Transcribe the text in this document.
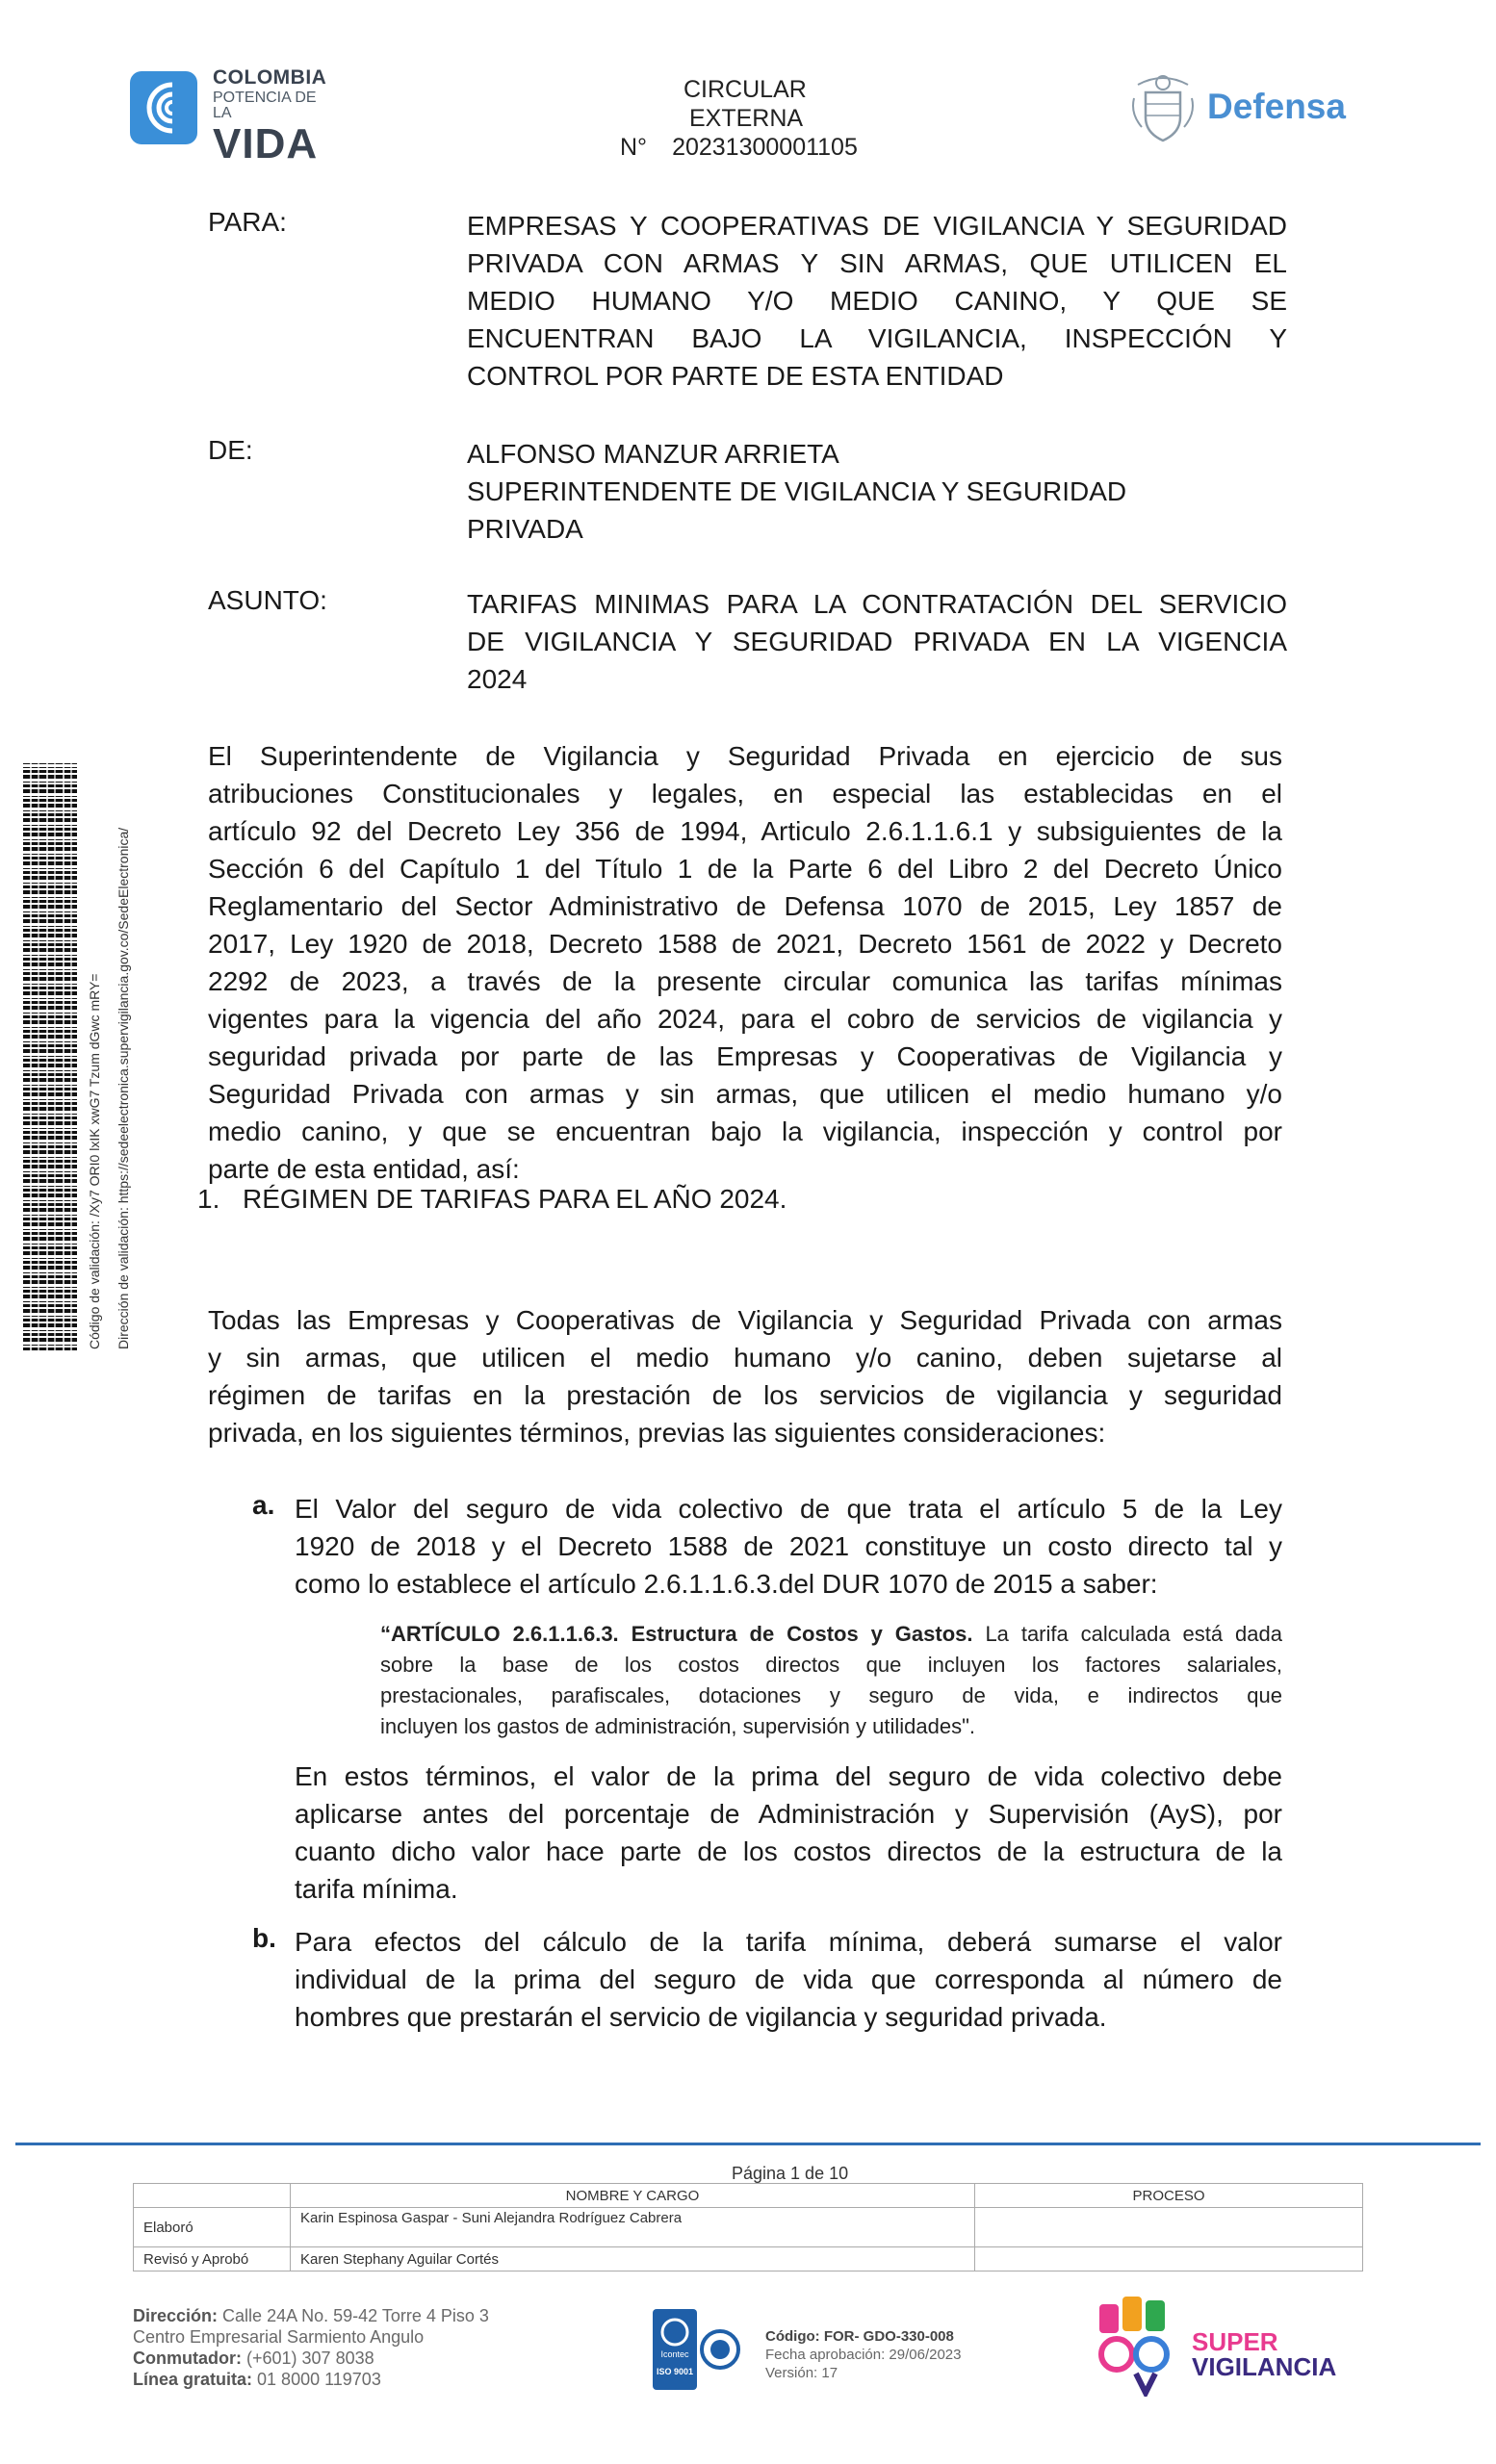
COLOMBIA
POTENCIA DE LA
VIDA
CIRCULAR
EXTERNA
N° 20231300001105
Defensa
Código de validación: /Xy7 ORI0 lxIK xwG7 Tzum dGwc mRY= Dirección de validación: https://sedeelectronica.supervigilancia.gov.co/SedeElectronica/
PARA:	EMPRESAS Y COOPERATIVAS DE VIGILANCIA Y SEGURIDAD
PRIVADA CON ARMAS Y SIN ARMAS, QUE UTILICEN EL
MEDIO HUMANO Y/O MEDIO CANINO, Y QUE SE
ENCUENTRAN BAJO LA VIGILANCIA, INSPECCIÓN Y
CONTROL POR PARTE DE ESTA ENTIDAD
DE:	ALFONSO MANZUR ARRIETA
SUPERINTENDENTE DE VIGILANCIA Y SEGURIDAD
PRIVADA
ASUNTO:	TARIFAS MINIMAS PARA LA CONTRATACIÓN DEL SERVICIO
DE VIGILANCIA Y SEGURIDAD PRIVADA EN LA VIGENCIA
2024
El Superintendente de Vigilancia y Seguridad Privada en ejercicio de sus
atribuciones Constitucionales y legales, en especial las establecidas en el
artículo 92 del Decreto Ley 356 de 1994, Articulo 2.6.1.1.6.1 y subsiguientes de la
Sección 6 del Capítulo 1 del Título 1 de la Parte 6 del Libro 2 del Decreto Único
Reglamentario del Sector Administrativo de Defensa 1070 de 2015, Ley 1857 de
2017, Ley 1920 de 2018, Decreto 1588 de 2021, Decreto 1561 de 2022 y Decreto
2292 de 2023, a través de la presente circular comunica las tarifas mínimas
vigentes para la vigencia del año 2024, para el cobro de servicios de vigilancia y
seguridad privada por parte de las Empresas y Cooperativas de Vigilancia y
Seguridad Privada con armas y sin armas, que utilicen el medio humano y/o
medio canino, y que se encuentran bajo la vigilancia, inspección y control por
parte de esta entidad, así:
1. RÉGIMEN DE TARIFAS PARA EL AÑO 2024.
Todas las Empresas y Cooperativas de Vigilancia y Seguridad Privada con armas
y sin armas, que utilicen el medio humano y/o canino, deben sujetarse al
régimen de tarifas en la prestación de los servicios de vigilancia y seguridad
privada, en los siguientes términos, previas las siguientes consideraciones:
a. El Valor del seguro de vida colectivo de que trata el artículo 5 de la Ley
1920 de 2018 y el Decreto 1588 de 2021 constituye un costo directo tal y
como lo establece el artículo 2.6.1.1.6.3.del DUR 1070 de 2015 a saber:
“ARTÍCULO 2.6.1.1.6.3. Estructura de Costos y Gastos. La tarifa calculada está dada
sobre la base de los costos directos que incluyen los factores salariales,
prestacionales, parafiscales, dotaciones y seguro de vida, e indirectos que
incluyen los gastos de administración, supervisión y utilidades".
En estos términos, el valor de la prima del seguro de vida colectivo debe
aplicarse antes del porcentaje de Administración y Supervisión (AyS), por
cuanto dicho valor hace parte de los costos directos de la estructura de la
tarifa mínima.
b. Para efectos del cálculo de la tarifa mínima, deberá sumarse el valor
individual de la prima del seguro de vida que corresponda al número de
hombres que prestarán el servicio de vigilancia y seguridad privada.
Página 1 de 10
	NOMBRE Y CARGO	PROCESO
Elaboró	Karin Espinosa Gaspar - Suni Alejandra Rodríguez Cabrera	
Revisó y Aprobó	Karen Stephany Aguilar Cortés	
Dirección: Calle 24A No. 59-42 Torre 4 Piso 3
Centro Empresarial Sarmiento Angulo
Conmutador: (+601) 307 8038
Línea gratuita: 01 8000 119703
Icontec
ISO 9001
Código: FOR- GDO-330-008
Fecha aprobación: 29/06/2023
Versión: 17
SUPER
VIGILANCIA
